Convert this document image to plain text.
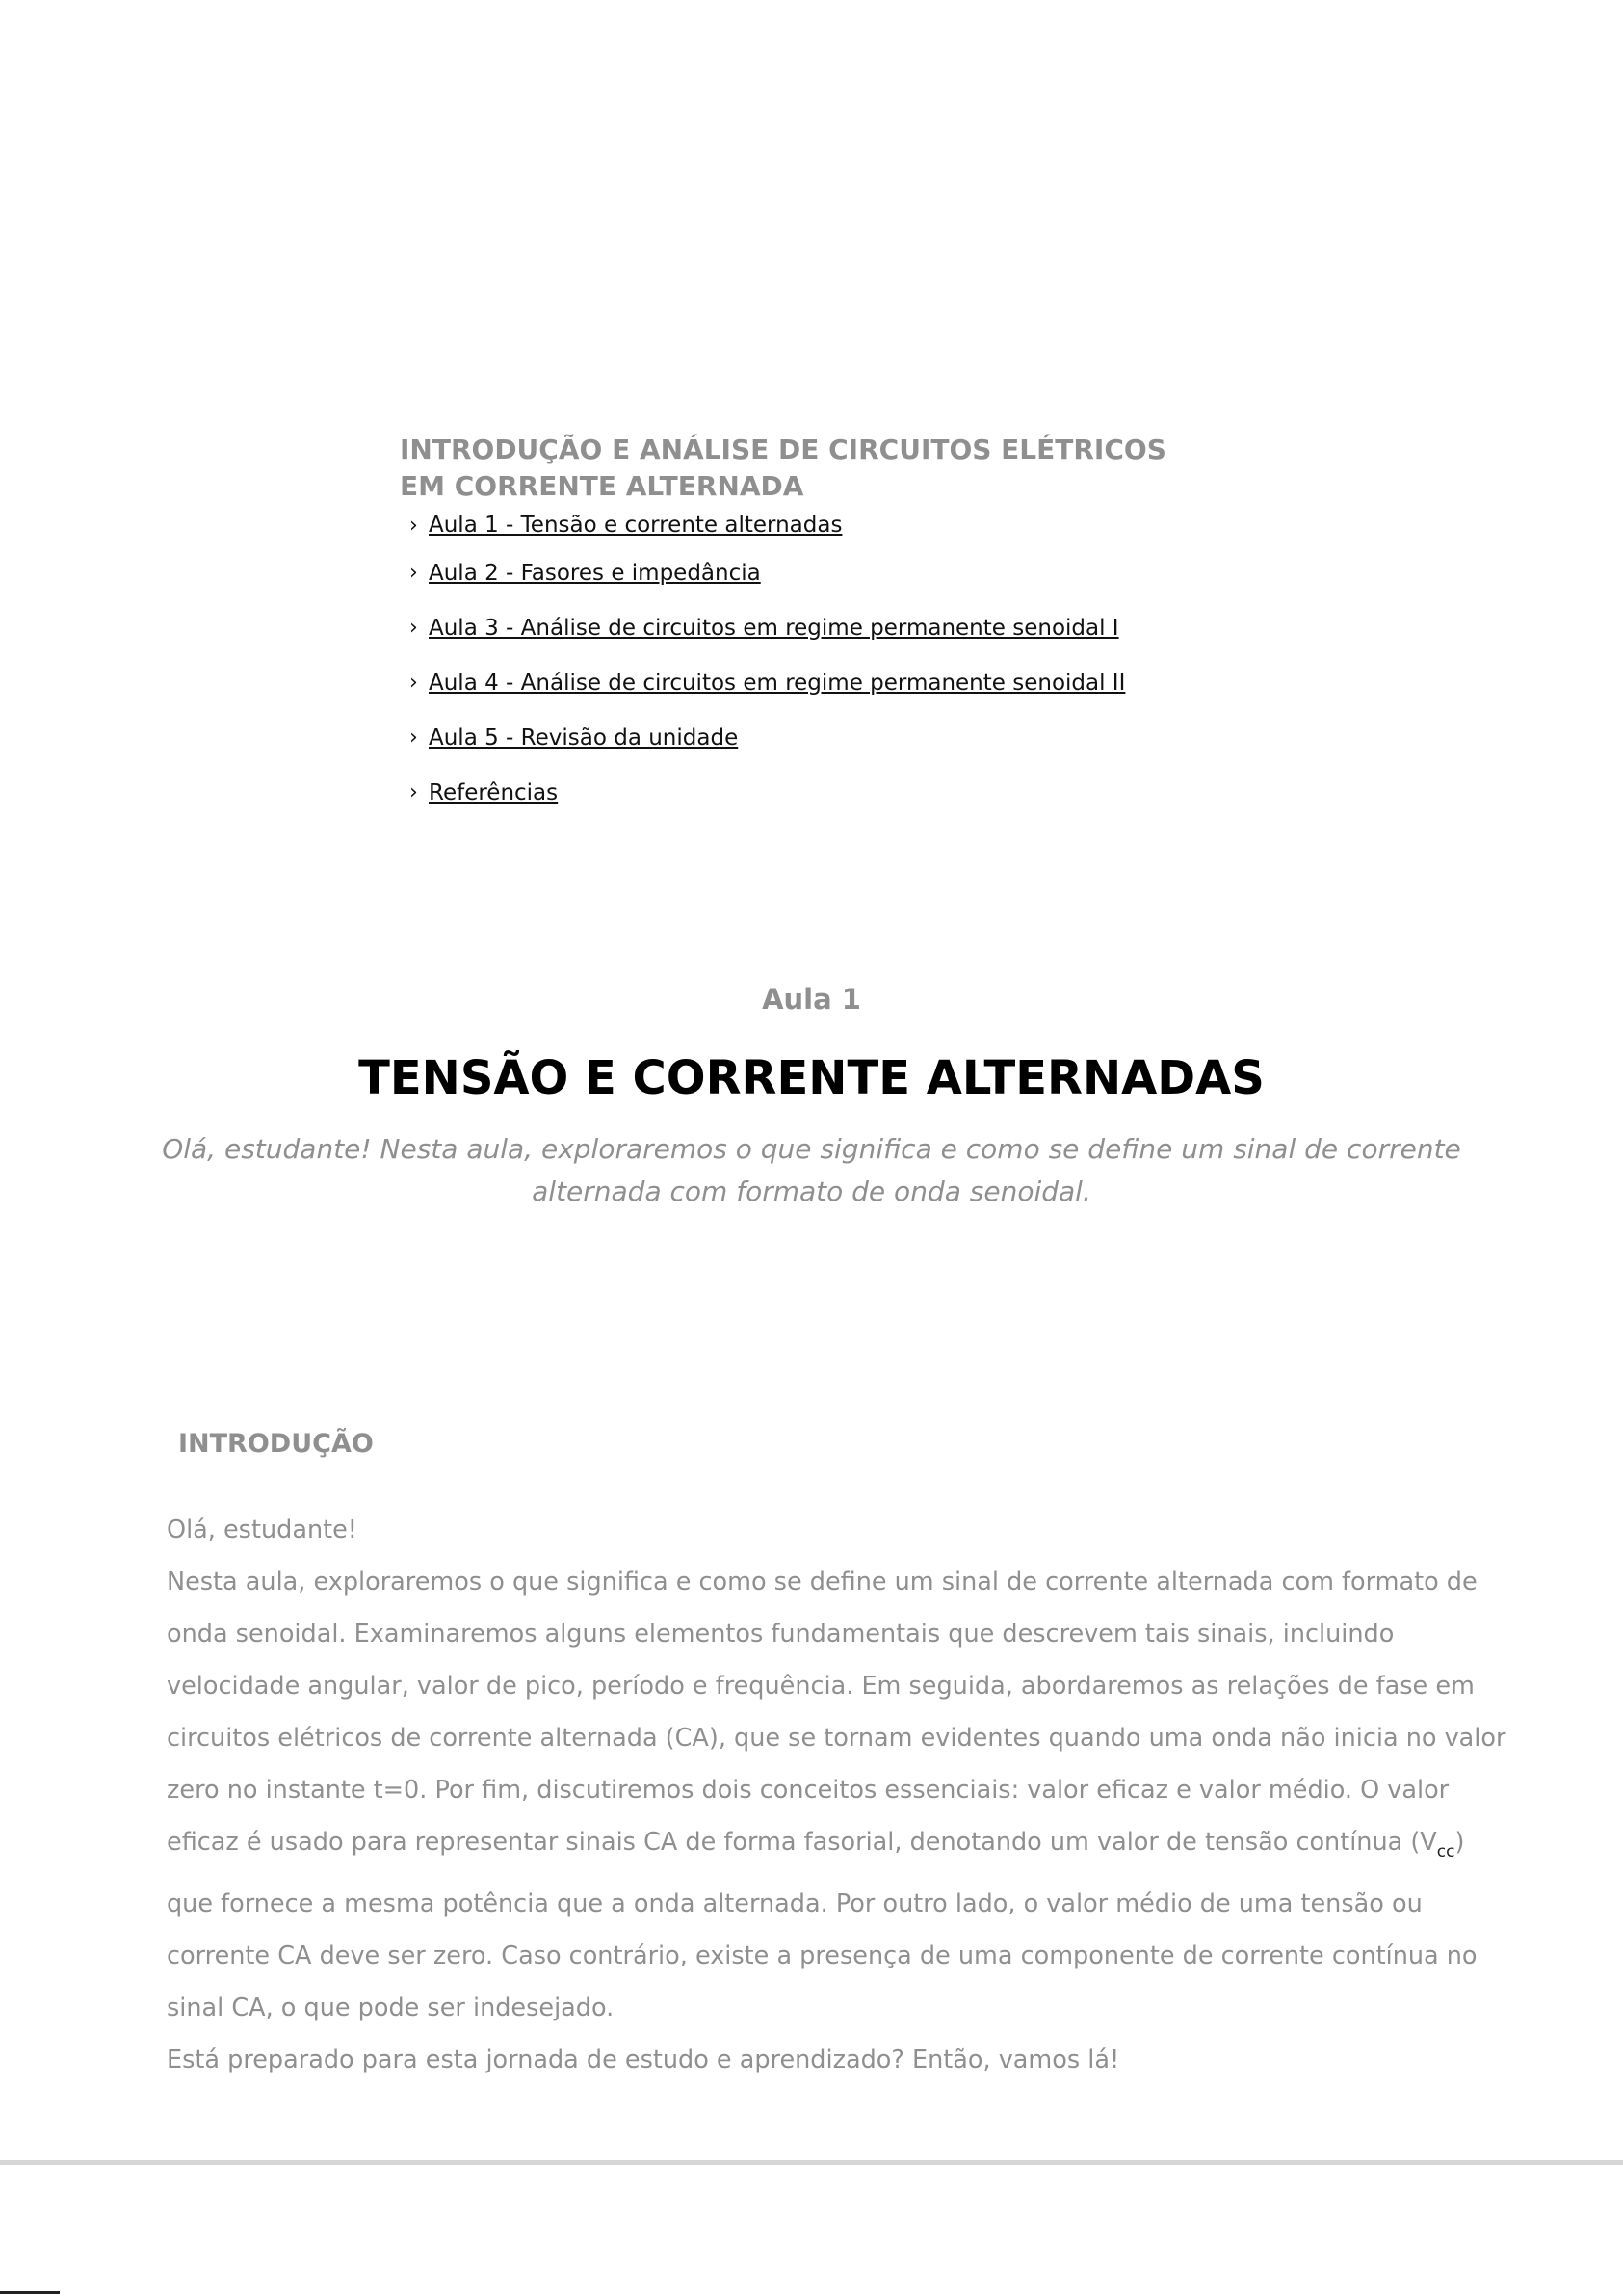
INTRODUÇÃO E ANÁLISE DE CIRCUITOS ELÉTRICOS EM CORRENTE ALTERNADA
› Aula 1 - Tensão e corrente alternadas
› Aula 2 - Fasores e impedância
› Aula 3 - Análise de circuitos em regime permanente senoidal I
› Aula 4 - Análise de circuitos em regime permanente senoidal II
› Aula 5 - Revisão da unidade
› Referências

Aula 1

TENSÃO E CORRENTE ALTERNADAS

Olá, estudante! Nesta aula, exploraremos o que significa e como se define um sinal de corrente alternada com formato de onda senoidal.

INTRODUÇÃO

Olá, estudante!

Nesta aula, exploraremos o que significa e como se define um sinal de corrente alternada com formato de onda senoidal. Examinaremos alguns elementos fundamentais que descrevem tais sinais, incluindo velocidade angular, valor de pico, período e frequência. Em seguida, abordaremos as relações de fase em circuitos elétricos de corrente alternada (CA), que se tornam evidentes quando uma onda não inicia no valor zero no instante t=0. Por fim, discutiremos dois conceitos essenciais: valor eficaz e valor médio. O valor eficaz é usado para representar sinais CA de forma fasorial, denotando um valor de tensão contínua $(V_{cc})$ que fornece a mesma potência que a onda alternada. Por outro lado, o valor médio de uma tensão ou corrente CA deve ser zero. Caso contrário, existe a presença de uma componente de corrente contínua no sinal CA, o que pode ser indesejado.

Está preparado para esta jornada de estudo e aprendizado? Então, vamos lá!
